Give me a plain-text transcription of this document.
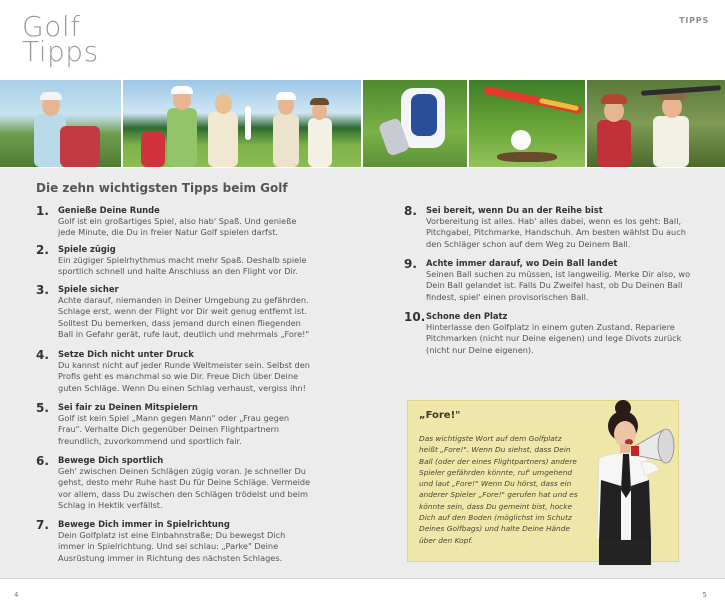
Golf
Tipps
TIPPS
Die zehn wichtigsten Tipps beim Golf
1. Genieße Deine Runde
Golf ist ein großartiges Spiel, also hab' Spaß. Und genieße
jede Minute, die Du in freier Natur Golf spielen darfst.
2. Spiele zügig
Ein zügiger Spielrhythmus macht mehr Spaß. Deshalb spiele
sportlich schnell und halte Anschluss an den Flight vor Dir.
3. Spiele sicher
Achte darauf, niemanden in Deiner Umgebung zu gefährden.
Schlage erst, wenn der Flight vor Dir weit genug entfernt ist.
Solltest Du bemerken, dass jemand durch einen fliegenden
Ball in Gefahr gerät, rufe laut, deutlich und mehrmals „Fore!"
4. Setze Dich nicht unter Druck
Du kannst nicht auf jeder Runde Weltmeister sein. Selbst den
Profis geht es manchmal so wie Dir. Freue Dich über Deine
guten Schläge. Wenn Du einen Schlag verhaust, vergiss ihn!
5. Sei fair zu Deinen Mitspielern
Golf ist kein Spiel „Mann gegen Mann" oder „Frau gegen
Frau". Verhalte Dich gegenüber Deinen Flightpartnern
freundlich, zuvorkommend und sportlich fair.
6. Bewege Dich sportlich
Geh' zwischen Deinen Schlägen zügig voran. Je schneller Du
gehst, desto mehr Ruhe hast Du für Deine Schläge. Vermeide
vor allem, dass Du zwischen den Schlägen trödelst und beim
Schlag in Hektik verfällst.
7. Bewege Dich immer in Spielrichtung
Dein Golfplatz ist eine Einbahnstraße; Du bewegst Dich
immer in Spielrichtung. Und sei schlau: „Parke" Deine
Ausrüstung immer in Richtung des nächsten Schlages.
8. Sei bereit, wenn Du an der Reihe bist
Vorbereitung ist alles. Hab' alles dabei, wenn es los geht: Ball,
Pitchgabel, Pitchmarke, Handschuh. Am besten wählst Du auch
den Schläger schon auf dem Weg zu Deinem Ball.
9. Achte immer darauf, wo Dein Ball landet
Seinen Ball suchen zu müssen, ist langweilig. Merke Dir also, wo
Dein Ball gelandet ist. Falls Du Zweifel hast, ob Du Deinen Ball
findest, spiel' einen provisorischen Ball.
10. Schone den Platz
Hinterlasse den Golfplatz in einem guten Zustand. Repariere
Pitchmarken (nicht nur Deine eigenen) und lege Divots zurück
(nicht nur Deine eigenen).
„Fore!"
Das wichtigste Wort auf dem Golfplatz
heißt „Fore!". Wenn Du siehst, dass Dein
Ball (oder der eines Flightpartners) andere
Spieler gefährden könnte, ruf' umgehend
und laut „Fore!" Wenn Du hörst, dass ein
anderer Spieler „Fore!" gerufen hat und es
könnte sein, dass Du gemeint bist, hocke
Dich auf den Boden (möglichst im Schutz
Deines Golfbags) und halte Deine Hände
über den Kopf.
4	5
